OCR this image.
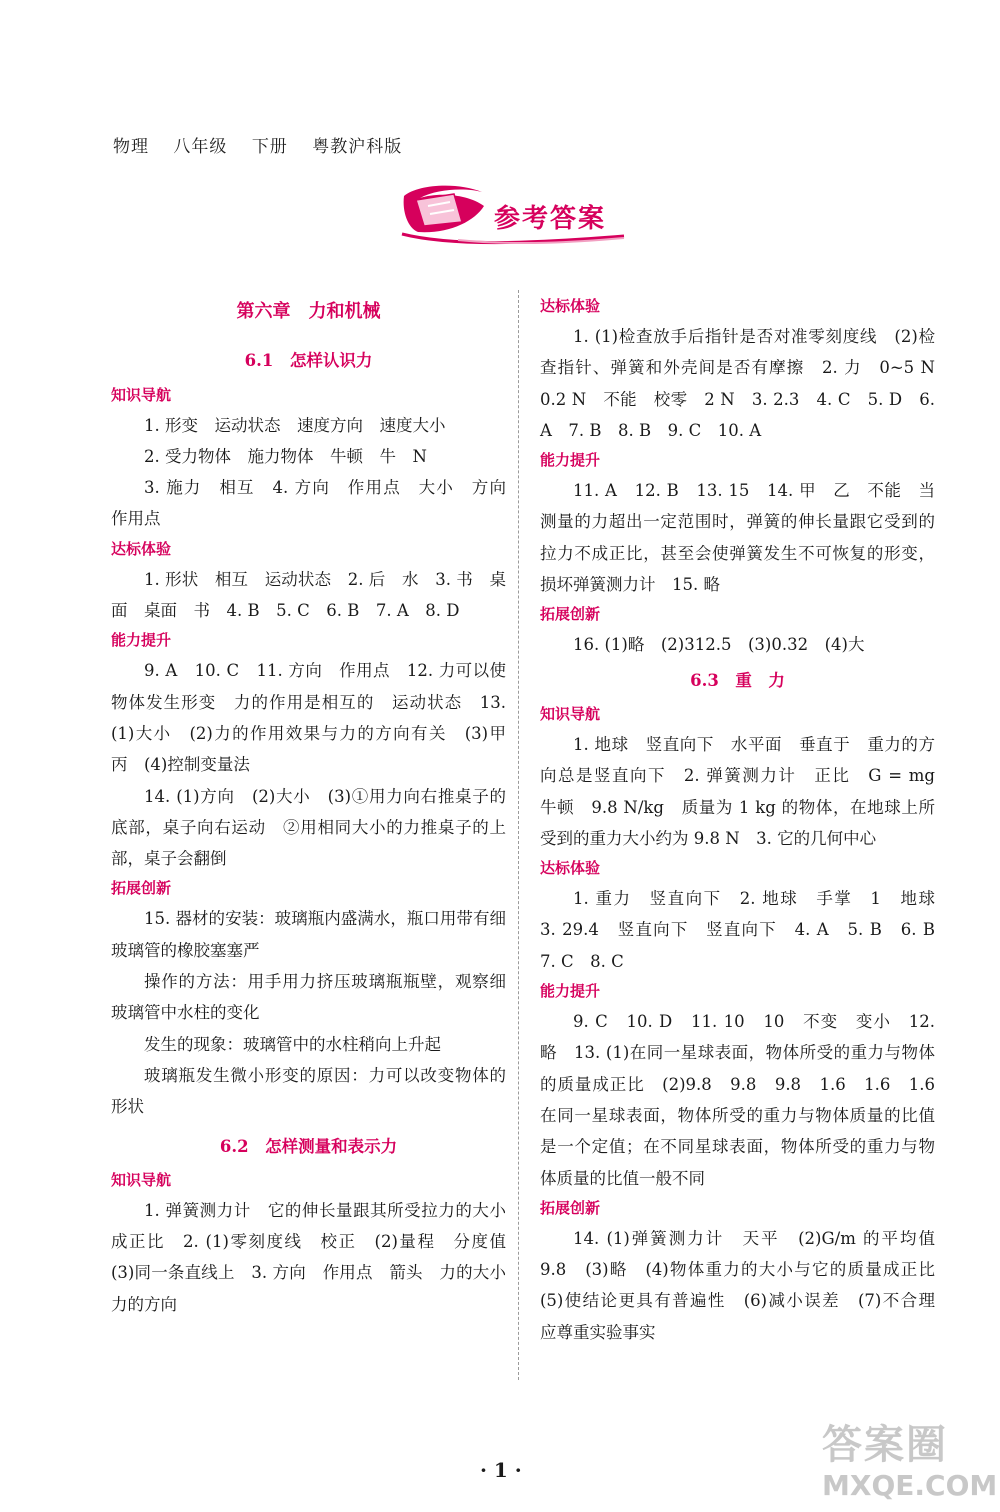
物理 八年级 下册 粤教沪科版
参考答案
第六章　力和机械
6.1　怎样认识力
知识导航
1. 形变　运动状态　速度方向　速度大小
2. 受力物体　施力物体　牛顿　牛　N
3. 施力　相互　4. 方向　作用点　大小　方向　作用点
达标体验
1. 形状　相互　运动状态　2. 后　水　3. 书　桌面　桌面　书　4. B　5. C　6. B　7. A　8. D
能力提升
9. A　10. C　11. 方向　作用点　12. 力可以使物体发生形变　力的作用是相互的　运动状态　13. (1)大小　(2)力的作用效果与力的方向有关　(3)甲　丙　(4)控制变量法
14. (1)方向　(2)大小　(3)①用力向右推桌子的底部，桌子向右运动　②用相同大小的力推桌子的上部，桌子会翻倒
拓展创新
15. 器材的安装：玻璃瓶内盛满水，瓶口用带有细玻璃管的橡胶塞塞严
操作的方法：用手用力挤压玻璃瓶瓶壁，观察细玻璃管中水柱的变化
发生的现象：玻璃管中的水柱稍向上升起
玻璃瓶发生微小形变的原因：力可以改变物体的形状
6.2　怎样测量和表示力
知识导航
1. 弹簧测力计　它的伸长量跟其所受拉力的大小成正比　2. (1)零刻度线　校正　(2)量程　分度值　(3)同一条直线上　3. 方向　作用点　箭头　力的大小　力的方向
达标体验
1. (1)检查放手后指针是否对准零刻度线　(2)检查指针、弹簧和外壳间是否有摩擦　2. 力　0~5 N　0.2 N　不能　校零　2 N　3. 2.3　4. C　5. D　6. A　7. B　8. B　9. C　10. A
能力提升
11. A　12. B　13. 15　14. 甲　乙　不能　当测量的力超出一定范围时，弹簧的伸长量跟它受到的拉力不成正比，甚至会使弹簧发生不可恢复的形变，损坏弹簧测力计　15. 略
拓展创新
16. (1)略　(2)312.5　(3)0.32　(4)大
6.3　重　力
知识导航
1. 地球　竖直向下　水平面　垂直于　重力的方向总是竖直向下　2. 弹簧测力计　正比　G = mg　牛顿　9.8 N/kg　质量为 1 kg 的物体，在地球上所受到的重力大小约为 9.8 N　3. 它的几何中心
达标体验
1. 重力　竖直向下　2. 地球　手掌　1　地球　3. 29.4　竖直向下　竖直向下　4. A　5. B　6. B　7. C　8. C
能力提升
9. C　10. D　11. 10　10　不变　变小　12. 略　13. (1)在同一星球表面，物体所受的重力与物体的质量成正比　(2)9.8　9.8　9.8　1.6　1.6　1.6　在同一星球表面，物体所受的重力与物体质量的比值是一个定值；在不同星球表面，物体所受的重力与物体质量的比值一般不同
拓展创新
14. (1)弹簧测力计　天平　(2)G/m 的平均值　9.8　(3)略　(4)物体重力的大小与它的质量成正比　(5)使结论更具有普遍性　(6)减小误差　(7)不合理　应尊重实验事实
· 1 ·
答案圈
MXQE.COM
